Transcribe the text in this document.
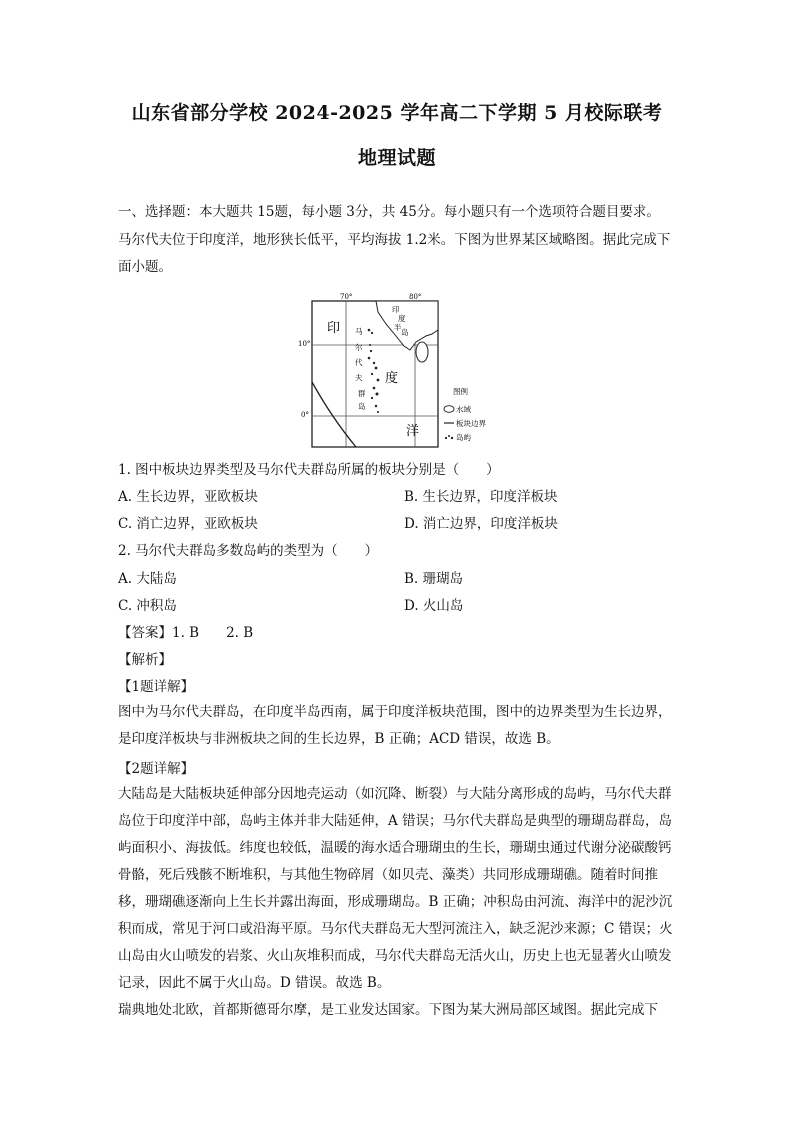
山东省部分学校 2024-2025 学年高二下学期 5 月校际联考
地理试题
一、选择题：本大题共 15题，每小题 3分，共 45分。每小题只有一个选项符合题目要求。
马尔代夫位于印度洋，地形狭长低平，平均海拔 1.2米。下图为世界某区域略图。据此完成下面小题。
70°	80°
10°
0°
印
度
洋
印
度
半
岛
马
尔
代
夫
群
岛
图例
水域
板块边界
岛屿
1. 图中板块边界类型及马尔代夫群岛所属的板块分别是（　　）
A. 生长边界，亚欧板块	B. 生长边界，印度洋板块
C. 消亡边界，亚欧板块	D. 消亡边界，印度洋板块
2. 马尔代夫群岛多数岛屿的类型为（　　）
A. 大陆岛	B. 珊瑚岛
C. 冲积岛	D. 火山岛
【答案】1. B　　2. B
【解析】
【1题详解】
图中为马尔代夫群岛，在印度半岛西南，属于印度洋板块范围，图中的边界类型为生长边界，是印度洋板块与非洲板块之间的生长边界，B 正确；ACD 错误，故选 B。
【2题详解】
大陆岛是大陆板块延伸部分因地壳运动（如沉降、断裂）与大陆分离形成的岛屿，马尔代夫群岛位于印度洋中部，岛屿主体并非大陆延伸，A 错误；马尔代夫群岛是典型的珊瑚岛群岛，岛屿面积小、海拔低。纬度也较低，温暖的海水适合珊瑚虫的生长，珊瑚虫通过代谢分泌碳酸钙骨骼，死后残骸不断堆积，与其他生物碎屑（如贝壳、藻类）共同形成珊瑚礁。随着时间推移，珊瑚礁逐渐向上生长并露出海面，形成珊瑚岛。B 正确；冲积岛由河流、海洋中的泥沙沉积而成，常见于河口或沿海平原。马尔代夫群岛无大型河流注入，缺乏泥沙来源；C 错误；火山岛由火山喷发的岩浆、火山灰堆积而成，马尔代夫群岛无活火山，历史上也无显著火山喷发记录，因此不属于火山岛。D 错误。故选 B。
瑞典地处北欧，首都斯德哥尔摩，是工业发达国家。下图为某大洲局部区域图。据此完成下
